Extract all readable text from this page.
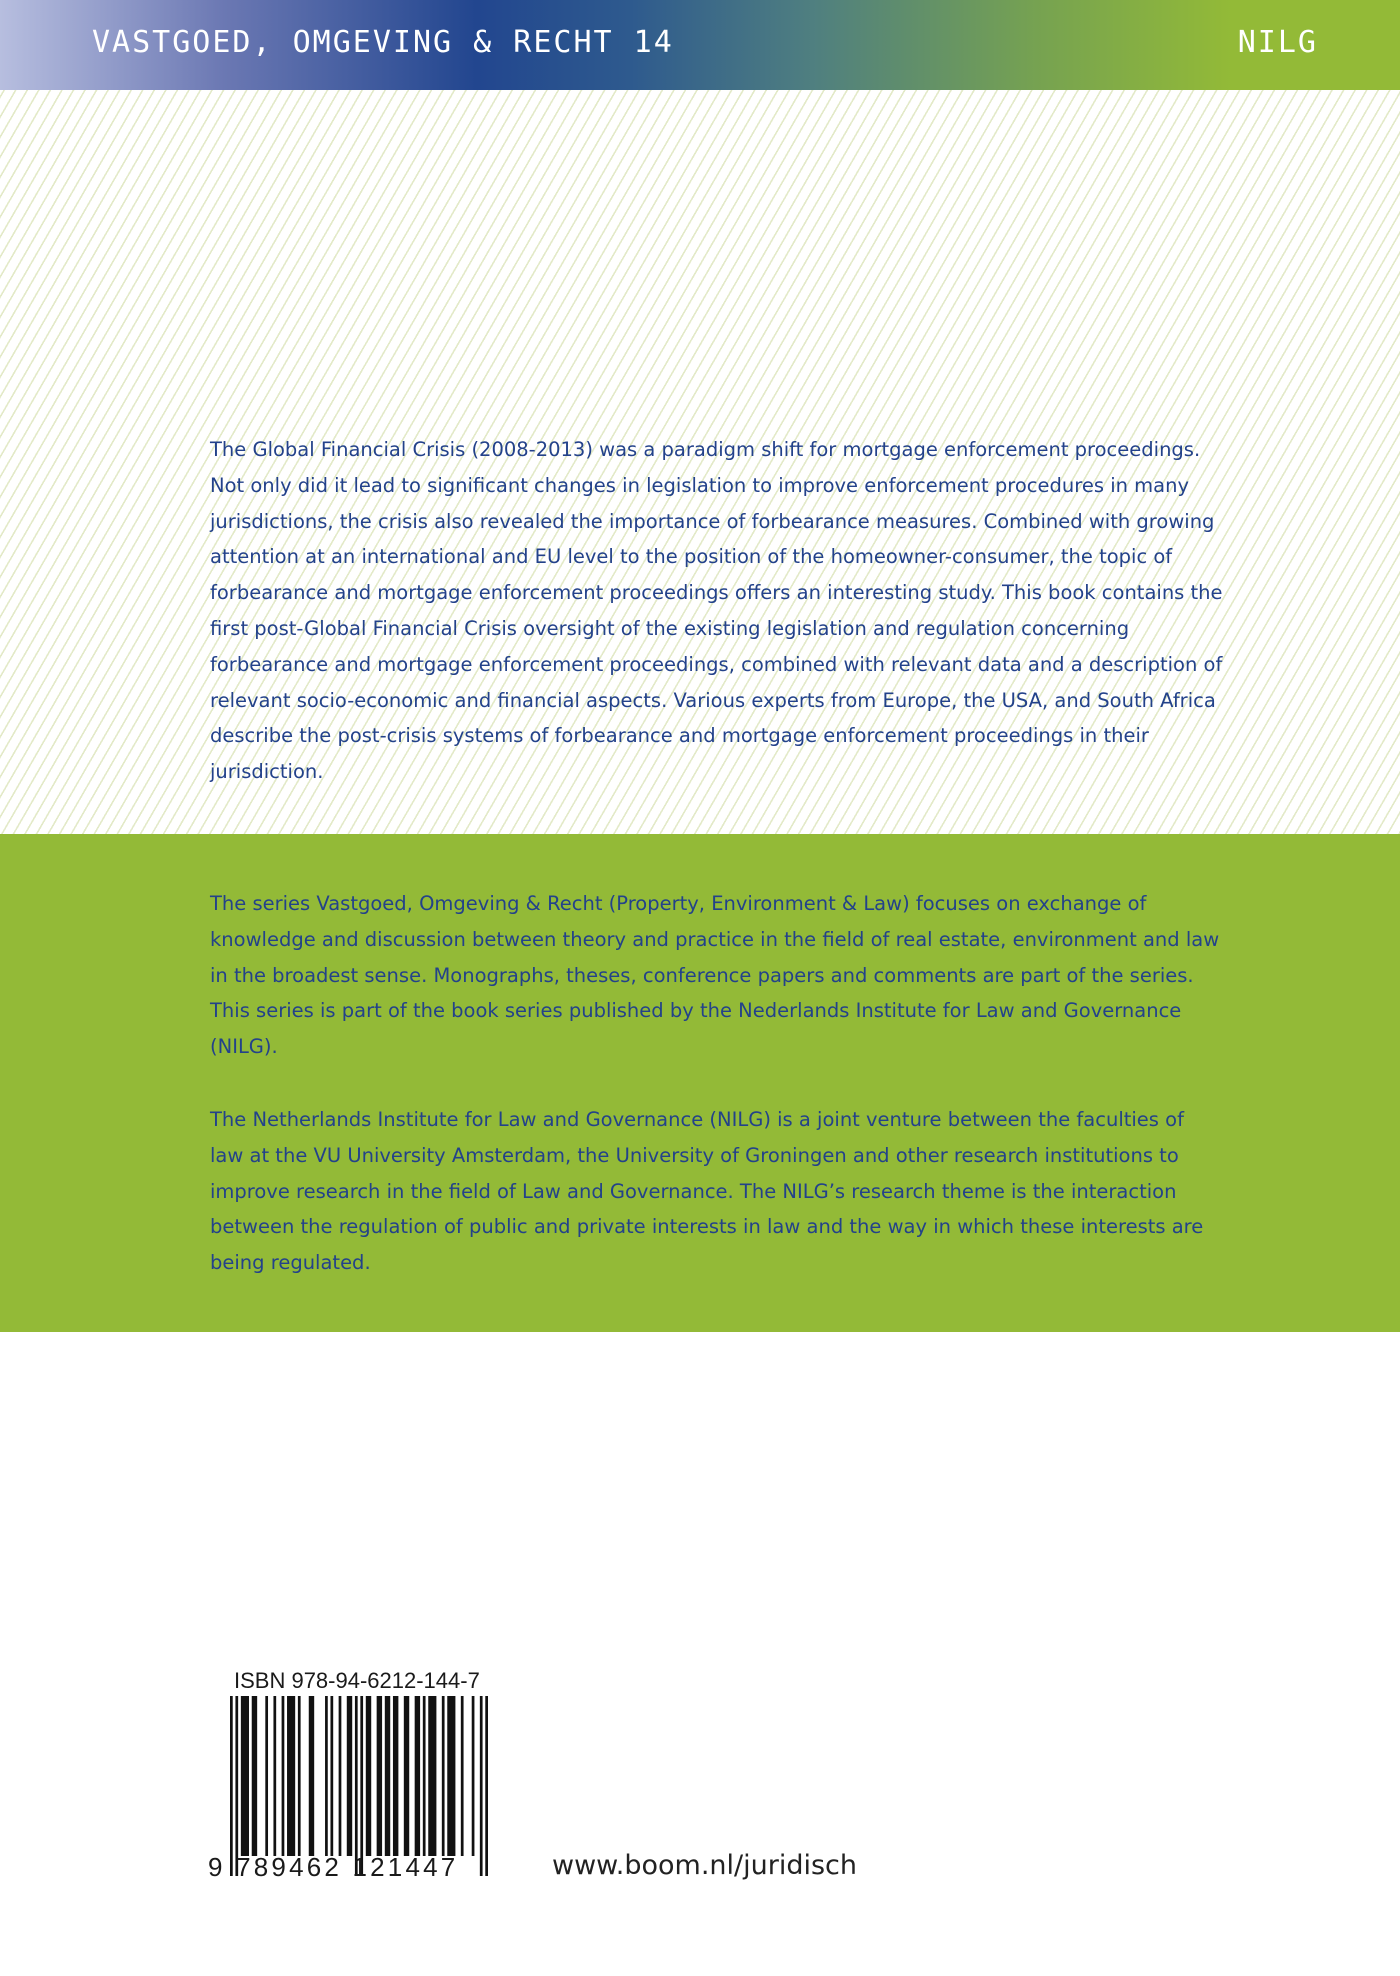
VASTGOED, OMGEVING & RECHT 14	NILG

The Global Financial Crisis (2008-2013) was a paradigm shift for mortgage enforcement proceedings. Not only did it lead to significant changes in legislation to improve enforcement procedures in many jurisdictions, the crisis also revealed the importance of forbearance measures. Combined with growing attention at an international and EU level to the position of the homeowner-consumer, the topic of forbearance and mortgage enforcement proceedings offers an interesting study. This book contains the first post-Global Financial Crisis oversight of the existing legislation and regulation concerning forbearance and mortgage enforcement proceedings, combined with relevant data and a description of relevant socio-economic and financial aspects. Various experts from Europe, the USA, and South Africa describe the post-crisis systems of forbearance and mortgage enforcement proceedings in their jurisdiction.

The series Vastgoed, Omgeving & Recht (Property, Environment & Law) focuses on exchange of knowledge and discussion between theory and practice in the field of real estate, environment and law in the broadest sense. Monographs, theses, conference papers and comments are part of the series. This series is part of the book series published by the Nederlands Institute for Law and Governance (NILG).

The Netherlands Institute for Law and Governance (NILG) is a joint venture between the faculties of law at the VU University Amsterdam, the University of Groningen and other research institutions to improve research in the field of Law and Governance. The NILG’s research theme is the interaction between the regulation of public and private interests in law and the way in which these interests are being regulated.

ISBN 978-94-6212-144-7
9 789462 121447	www.boom.nl/juridisch
